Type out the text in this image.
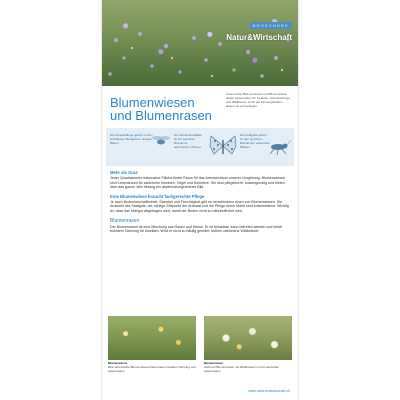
BROSCHÜRE
Natur&Wirtschaft
Blumenwiesen
und Blumenrasen
Artenreicher Blumenwiesen und Blumenrasen bieten Lebensraum für Insekten, Schmetterlinge und Wildbienen. Auch auf Firmengeländen lassen sie sich anlegen.
Die Schwebfliege gehört zu den wichtigsten Bestäubern unserer Blüten.
Der Schachbrettfalter ist ein typischer Bewohner artenreicher Wiesen.
Die Feldgrille gehört zu den typischen Bewohnern extensiver Wiesen.
Mehr als Gras
Jeder Quadratmeter naturnaher Fläche bietet Raum für das Artenreichtum unserer Umgebung. Blumenwiesen sind Lebensraum für zahlreiche Insekten, Vögel und Kleintiere. Sie sind pflegeleicht, kostengünstig und bieten über das ganze Jahr hinweg ein abwechslungsreiches Bild.
Eine Blumenwiese braucht fachgerechte Pflege
Je nach Bodenbeschaffenheit, Standort und Feuchtigkeit gibt es verschiedene Arten von Blumenwiesen. Die Auswahl des Saatguts, der richtige Zeitpunkt der Aussaat und die Pflege durch Mahd sind entscheidend. Wichtig ist, dass das Mähgut abgetragen wird, damit der Boden nicht zu nährstoffreich wird.
Blumenrasen
Der Blumenrasen ist eine Mischung aus Rasen und Wiese. Er ist belastbar, kann betreten werden und bietet trotzdem Nahrung für Insekten. Wird er nicht zu häufig gemäht, blühen zahlreiche Wildkräuter.
Blumenwiese
Eine artenreiche Blumenwiese bietet vielen Insekten Nahrung und Lebensraum.
Blumenrasen
Auch ein Blumenrasen mit Wildkräutern ist ein wertvoller Lebensraum.
www.naturundwirtschaft.ch
